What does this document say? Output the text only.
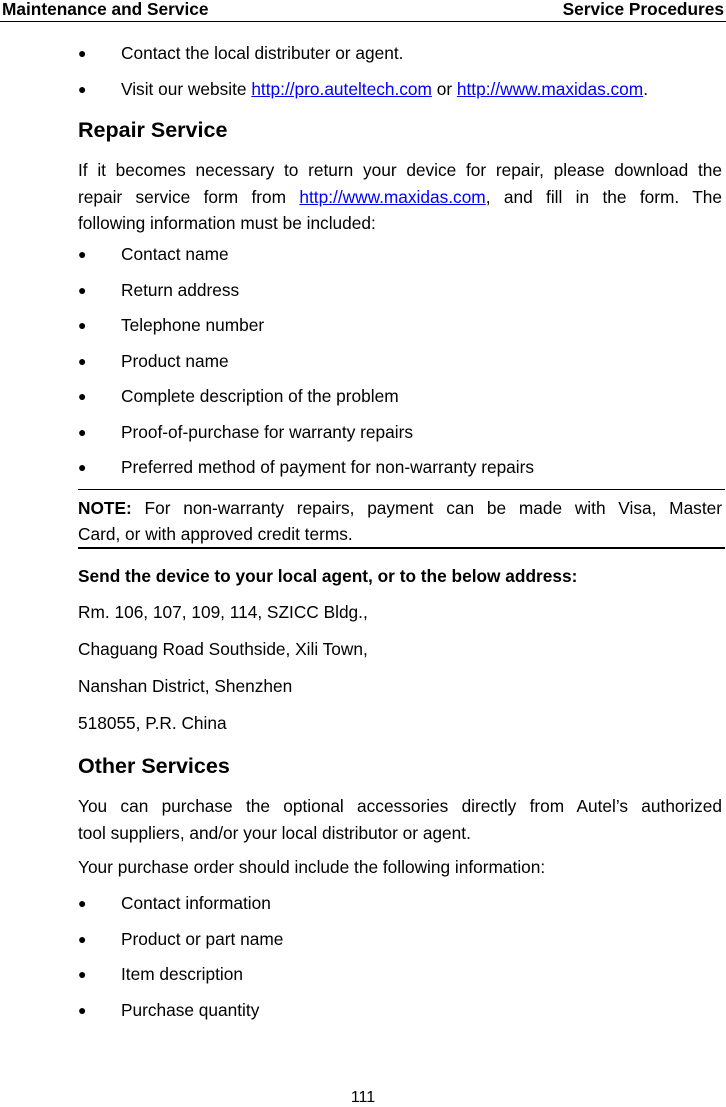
Maintenance and Service	Service Procedures
● Contact the local distributer or agent.
● Visit our website http://pro.auteltech.com or http://www.maxidas.com.
Repair Service
If it becomes necessary to return your device for repair, please download the
repair service form from http://www.maxidas.com, and fill in the form. The
following information must be included:
● Contact name
● Return address
● Telephone number
● Product name
● Complete description of the problem
● Proof-of-purchase for warranty repairs
● Preferred method of payment for non-warranty repairs
NOTE: For non-warranty repairs, payment can be made with Visa, Master
Card, or with approved credit terms.
Send the device to your local agent, or to the below address:
Rm. 106, 107, 109, 114, SZICC Bldg.,
Chaguang Road Southside, Xili Town,
Nanshan District, Shenzhen
518055, P.R. China
Other Services
You can purchase the optional accessories directly from Autel’s authorized
tool suppliers, and/or your local distributor or agent.
Your purchase order should include the following information:
● Contact information
● Product or part name
● Item description
● Purchase quantity
111
